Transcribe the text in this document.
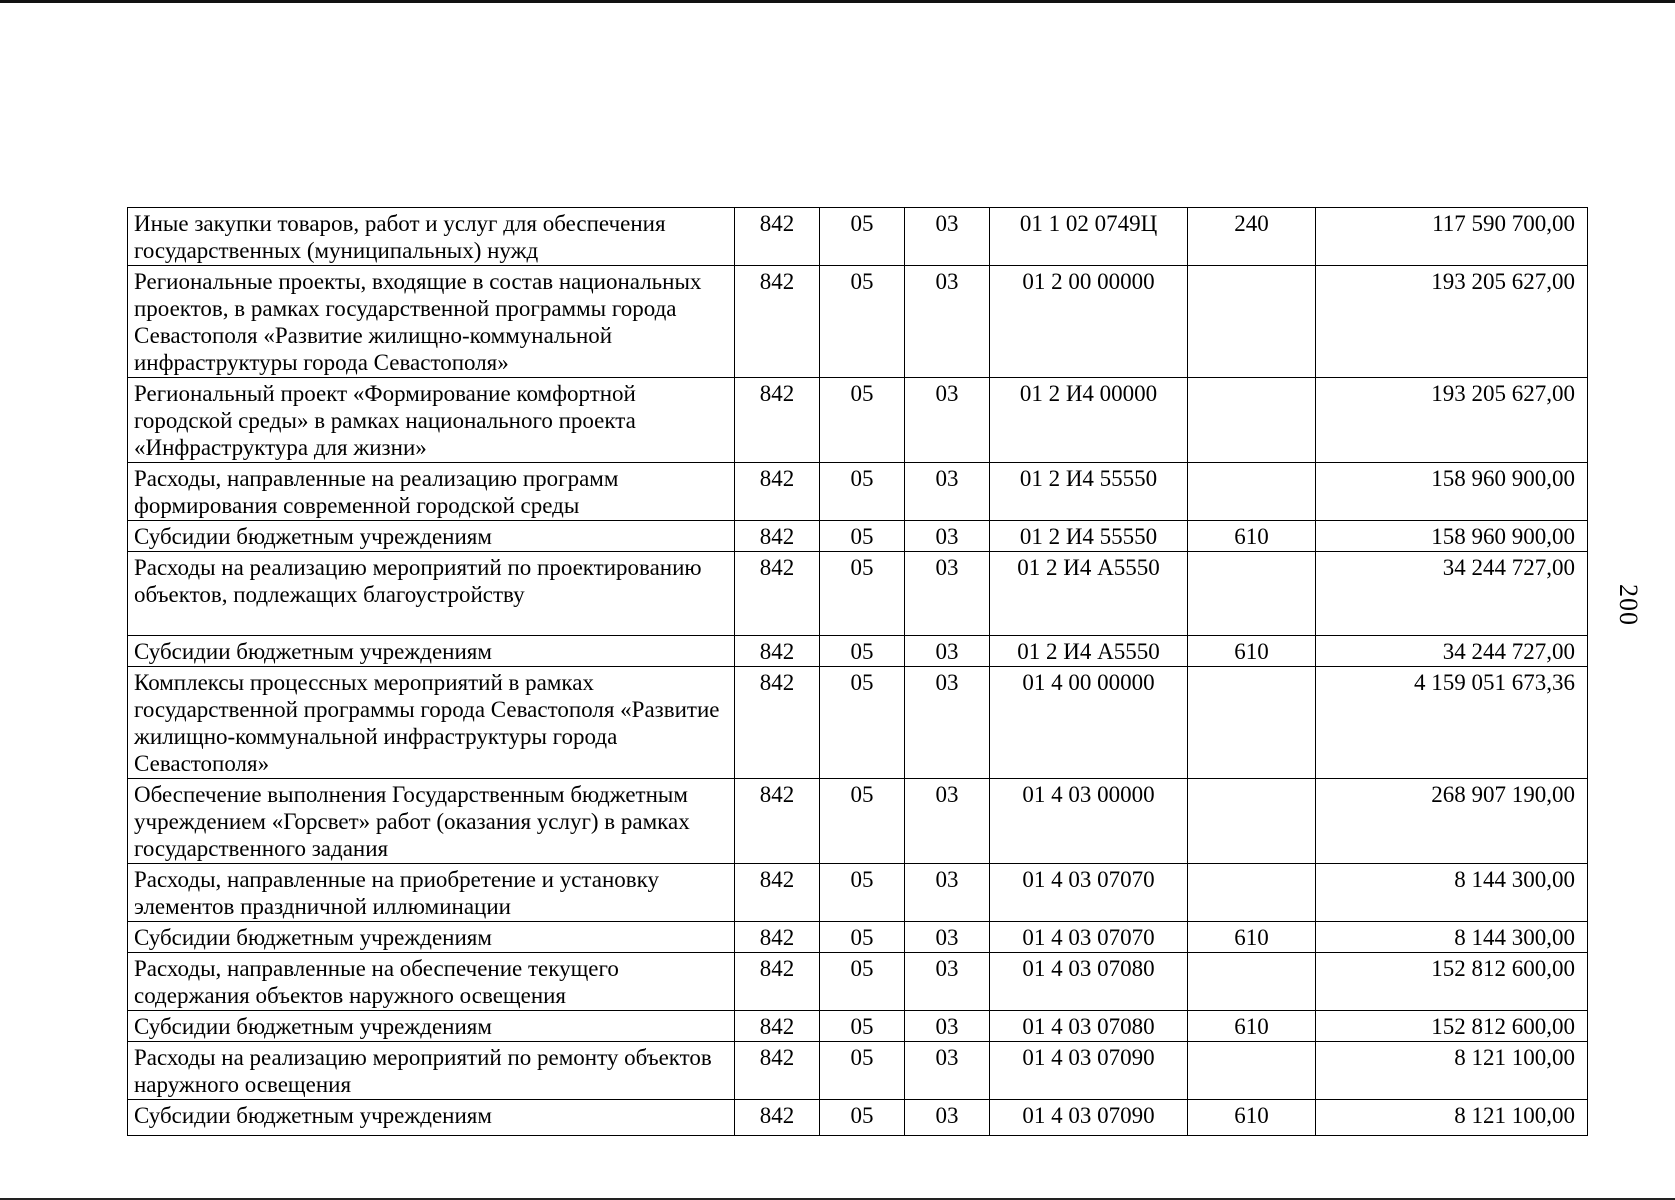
Иные закупки товаров, работ и услуг для обеспечения государственных (муниципальных) нужд	842	05	03	01 1 02 0749Ц	240	117 590 700,00
Региональные проекты, входящие в состав национальных проектов, в рамках государственной программы города Севастополя «Развитие жилищно-коммунальной инфраструктуры города Севастополя»	842	05	03	01 2 00 00000		193 205 627,00
Региональный проект «Формирование комфортной городской среды» в рамках национального проекта «Инфраструктура для жизни»	842	05	03	01 2 И4 00000		193 205 627,00
Расходы, направленные на реализацию программ формирования современной городской среды	842	05	03	01 2 И4 55550		158 960 900,00
Субсидии бюджетным учреждениям	842	05	03	01 2 И4 55550	610	158 960 900,00
Расходы на реализацию мероприятий по проектированию объектов, подлежащих благоустройству	842	05	03	01 2 И4 А5550		34 244 727,00
Субсидии бюджетным учреждениям	842	05	03	01 2 И4 А5550	610	34 244 727,00
Комплексы процессных мероприятий в рамках государственной программы города Севастополя «Развитие жилищно-коммунальной инфраструктуры города Севастополя»	842	05	03	01 4 00 00000		4 159 051 673,36
Обеспечение выполнения Государственным бюджетным учреждением «Горсвет» работ (оказания услуг) в рамках государственного задания	842	05	03	01 4 03 00000		268 907 190,00
Расходы, направленные на приобретение и установку элементов праздничной иллюминации	842	05	03	01 4 03 07070		8 144 300,00
Субсидии бюджетным учреждениям	842	05	03	01 4 03 07070	610	8 144 300,00
Расходы, направленные на обеспечение текущего содержания объектов наружного освещения	842	05	03	01 4 03 07080		152 812 600,00
Субсидии бюджетным учреждениям	842	05	03	01 4 03 07080	610	152 812 600,00
Расходы на реализацию мероприятий по ремонту объектов наружного освещения	842	05	03	01 4 03 07090		8 121 100,00
Субсидии бюджетным учреждениям	842	05	03	01 4 03 07090	610	8 121 100,00
200
